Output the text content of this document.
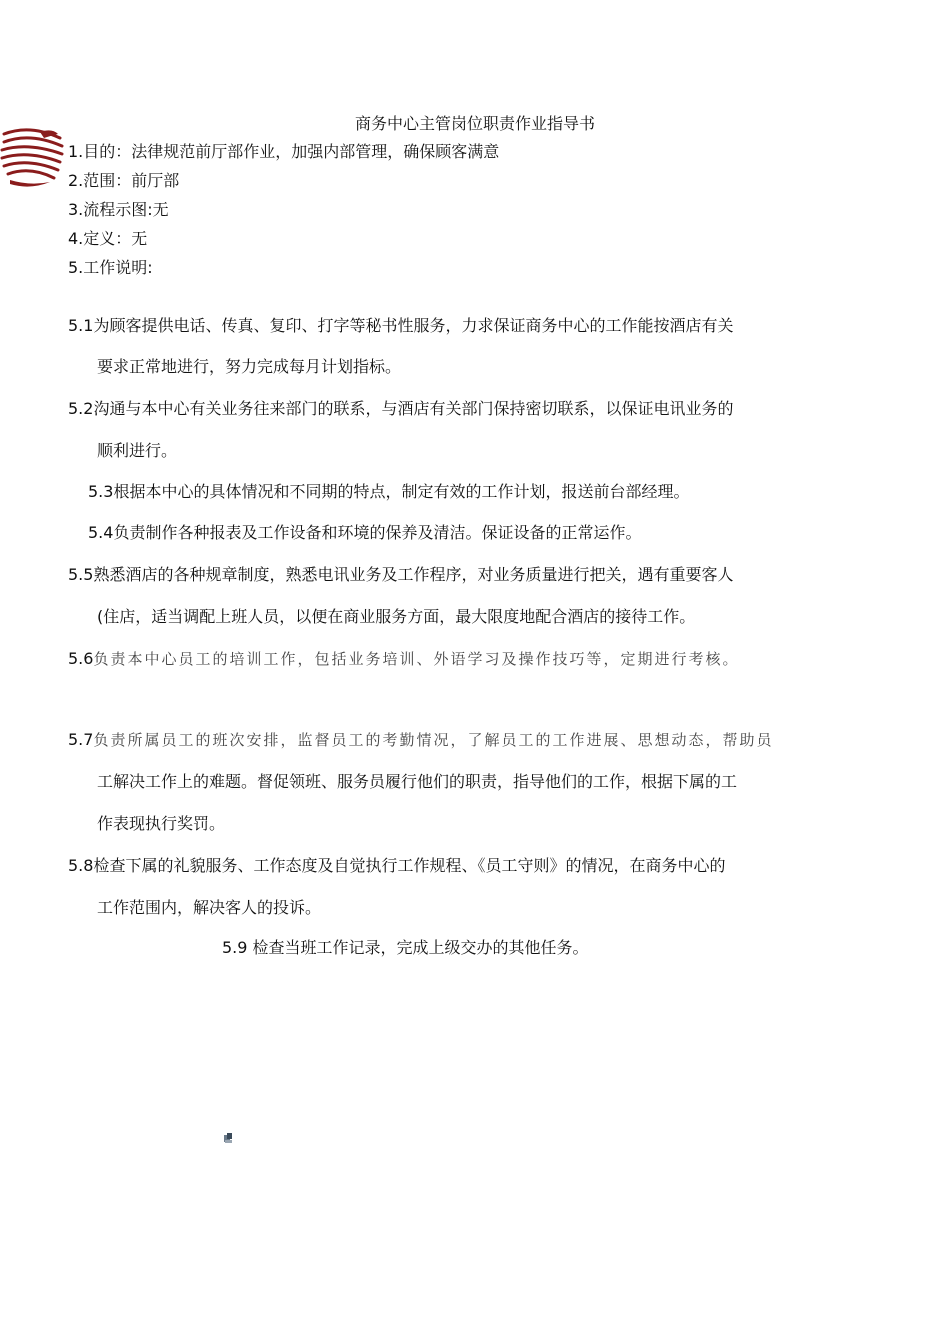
商务中心主管岗位职责作业指导书
1.目的：法律规范前厅部作业，加强内部管理，确保顾客满意
2.范围：前厅部
3.流程示图:无
4.定义：无
5.工作说明:
5.1为顾客提供电话、传真、复印、打字等秘书性服务，力求保证商务中心的工作能按酒店有关
要求正常地进行，努力完成每月计划指标。
5.2沟通与本中心有关业务往来部门的联系，与酒店有关部门保持密切联系，以保证电讯业务的
顺利进行。
5.3根据本中心的具体情况和不同期的特点，制定有效的工作计划，报送前台部经理。
5.4负责制作各种报表及工作设备和环境的保养及清洁。保证设备的正常运作。
5.5熟悉酒店的各种规章制度，熟悉电讯业务及工作程序，对业务质量进行把关，遇有重要客人
(住店，适当调配上班人员，以便在商业服务方面，最大限度地配合酒店的接待工作。
5.6负责本中心员工的培训工作，包括业务培训、外语学习及操作技巧等，定期进行考核。
5.7负责所属员工的班次安排，监督员工的考勤情况，了解员工的工作进展、思想动态，帮助员
工解决工作上的难题。督促领班、服务员履行他们的职责，指导他们的工作，根据下属的工
作表现执行奖罚。
5.8检查下属的礼貌服务、工作态度及自觉执行工作规程、《员工守则》的情况，在商务中心的
工作范围内，解决客人的投诉。
5.9 检查当班工作记录，完成上级交办的其他任务。
